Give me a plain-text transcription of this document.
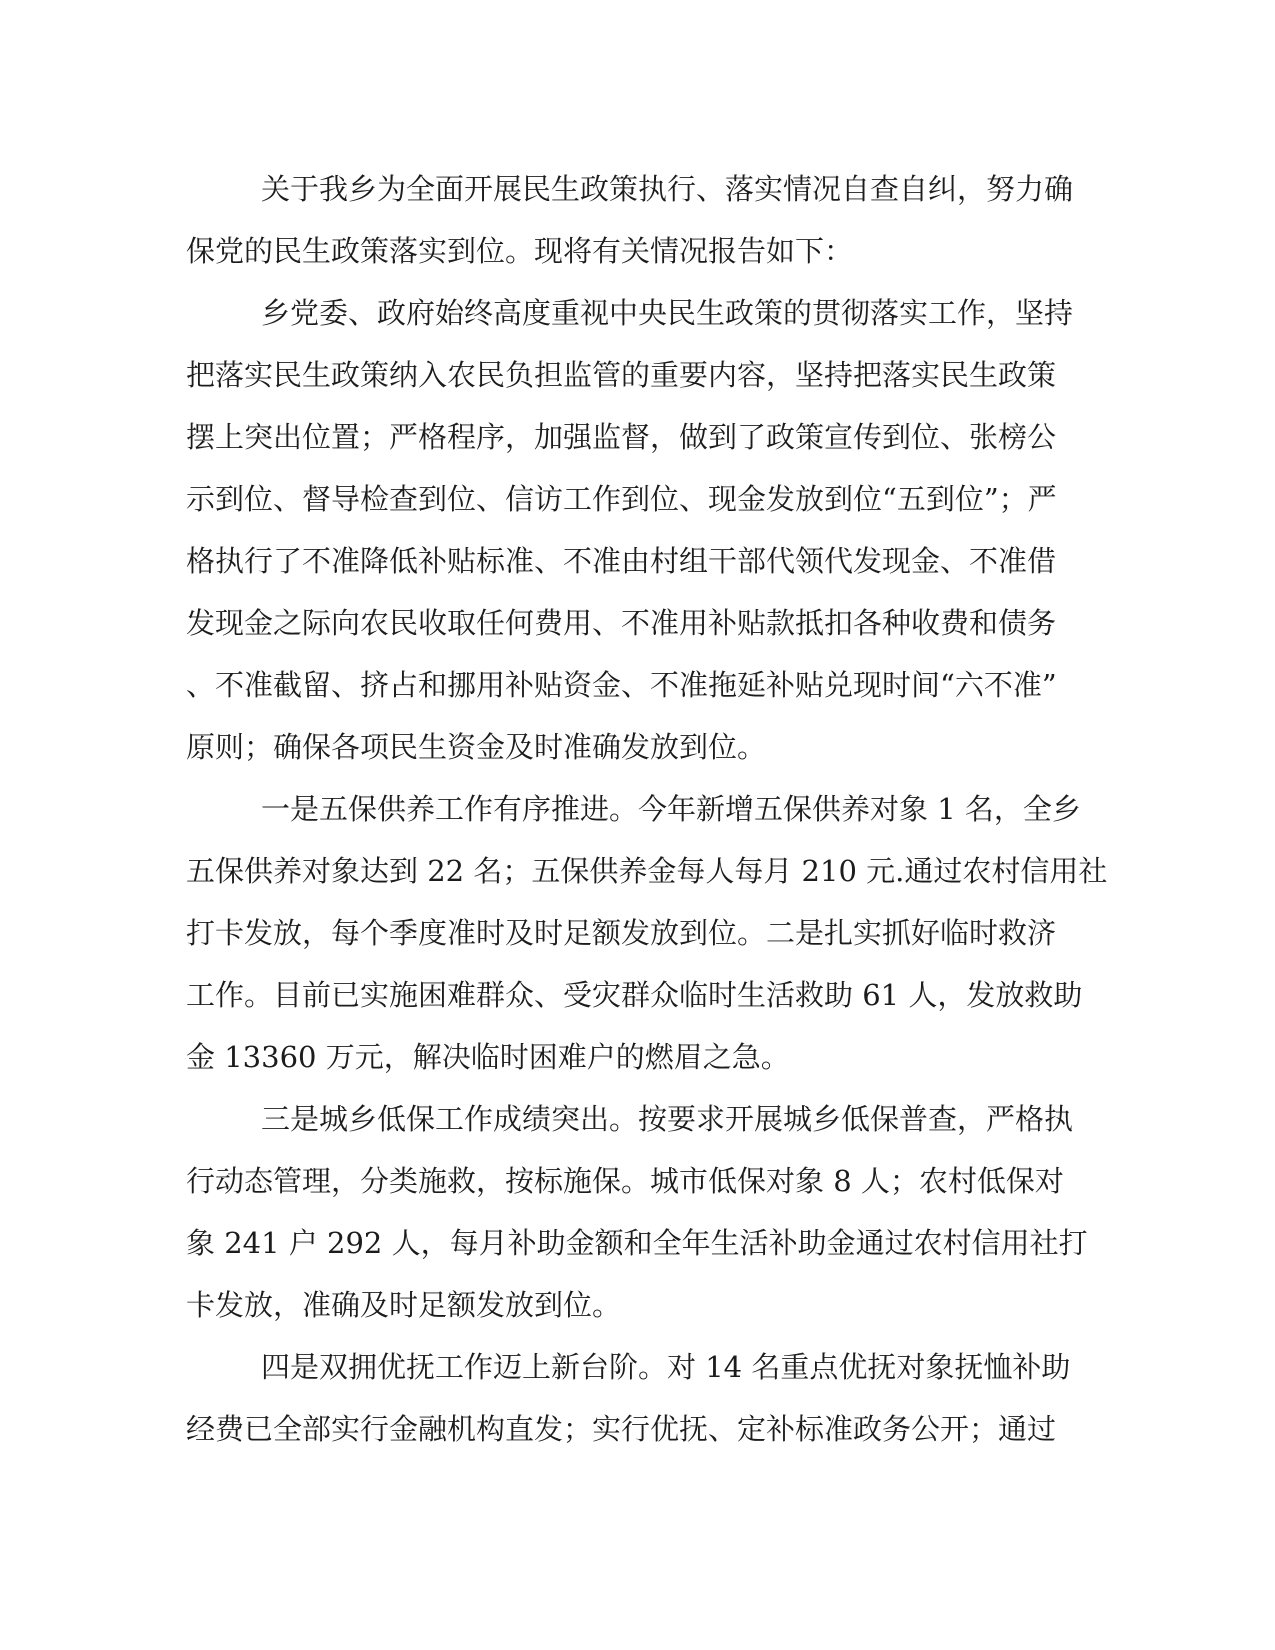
关于我乡为全面开展民生政策执行、落实情况自查自纠，努力确
保党的民生政策落实到位。现将有关情况报告如下：
乡党委、政府始终高度重视中央民生政策的贯彻落实工作，坚持
把落实民生政策纳入农民负担监管的重要内容，坚持把落实民生政策
摆上突出位置；严格程序，加强监督，做到了政策宣传到位、张榜公
示到位、督导检查到位、信访工作到位、现金发放到位“五到位”；严
格执行了不准降低补贴标准、不准由村组干部代领代发现金、不准借
发现金之际向农民收取任何费用、不准用补贴款抵扣各种收费和债务
、不准截留、挤占和挪用补贴资金、不准拖延补贴兑现时间“六不准”
原则；确保各项民生资金及时准确发放到位。
一是五保供养工作有序推进。今年新增五保供养对象 1 名，全乡
五保供养对象达到 22 名；五保供养金每人每月 210 元.通过农村信用社
打卡发放，每个季度准时及时足额发放到位。二是扎实抓好临时救济
工作。目前已实施困难群众、受灾群众临时生活救助 61 人，发放救助
金 13360 万元，解决临时困难户的燃眉之急。
三是城乡低保工作成绩突出。按要求开展城乡低保普查，严格执
行动态管理，分类施救，按标施保。城市低保对象 8 人；农村低保对
象 241 户 292 人，每月补助金额和全年生活补助金通过农村信用社打
卡发放，准确及时足额发放到位。
四是双拥优抚工作迈上新台阶。对 14 名重点优抚对象抚恤补助
经费已全部实行金融机构直发；实行优抚、定补标准政务公开；通过
